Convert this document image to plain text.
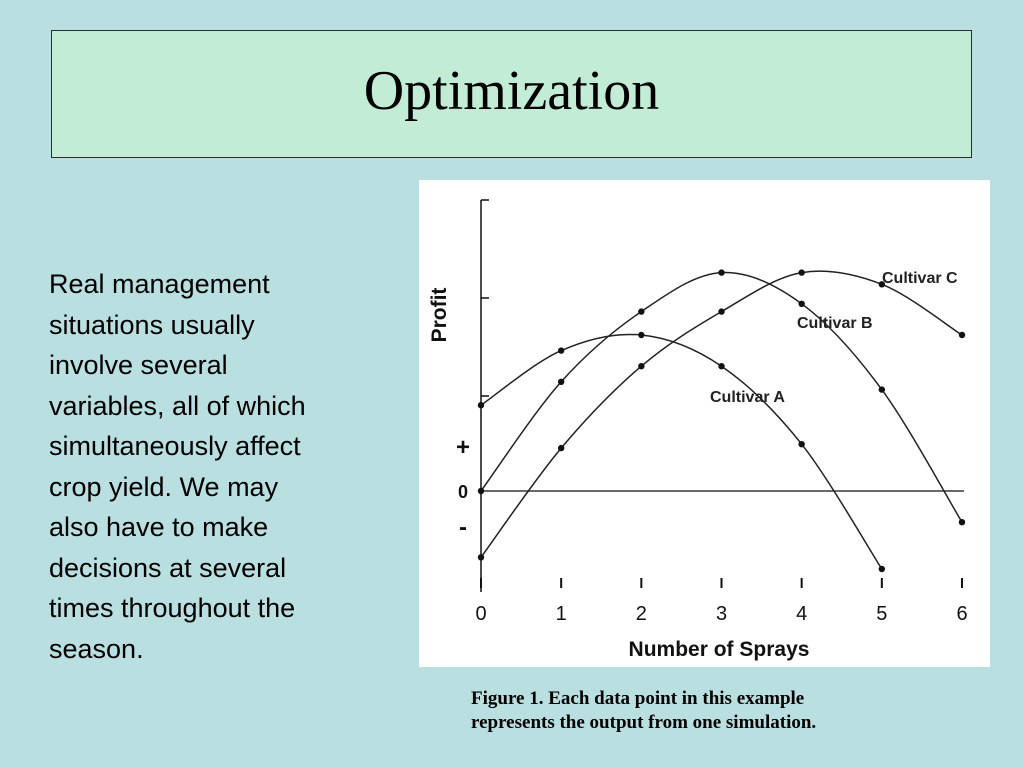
Optimization
Real management
situations usually
involve several
variables, all of which
simultaneously affect
crop yield. We may
also have to make
decisions at several
times throughout the
season.
0	1	2	3	4	5	6
Profit
Number of Sprays
+
0
-
Cultivar A
Cultivar B
Cultivar C
Figure 1. Each data point in this example
represents the output from one simulation.
